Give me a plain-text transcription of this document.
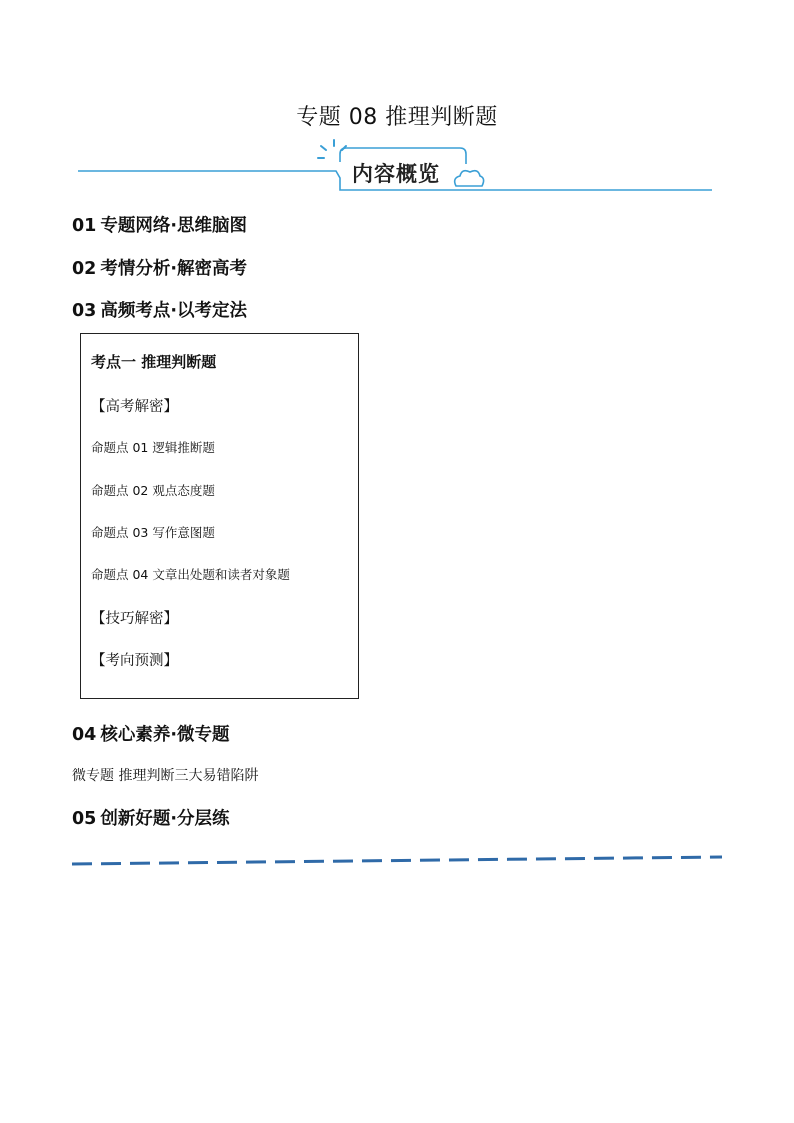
专题 08 推理判断题
内容概览
01 专题网络·思维脑图
02 考情分析·解密高考
03 高频考点·以考定法
考点一 推理判断题
【高考解密】
命题点 01 逻辑推断题
命题点 02 观点态度题
命题点 03 写作意图题
命题点 04 文章出处题和读者对象题
【技巧解密】
【考向预测】
04 核心素养·微专题
微专题 推理判断三大易错陷阱
05 创新好题·分层练
